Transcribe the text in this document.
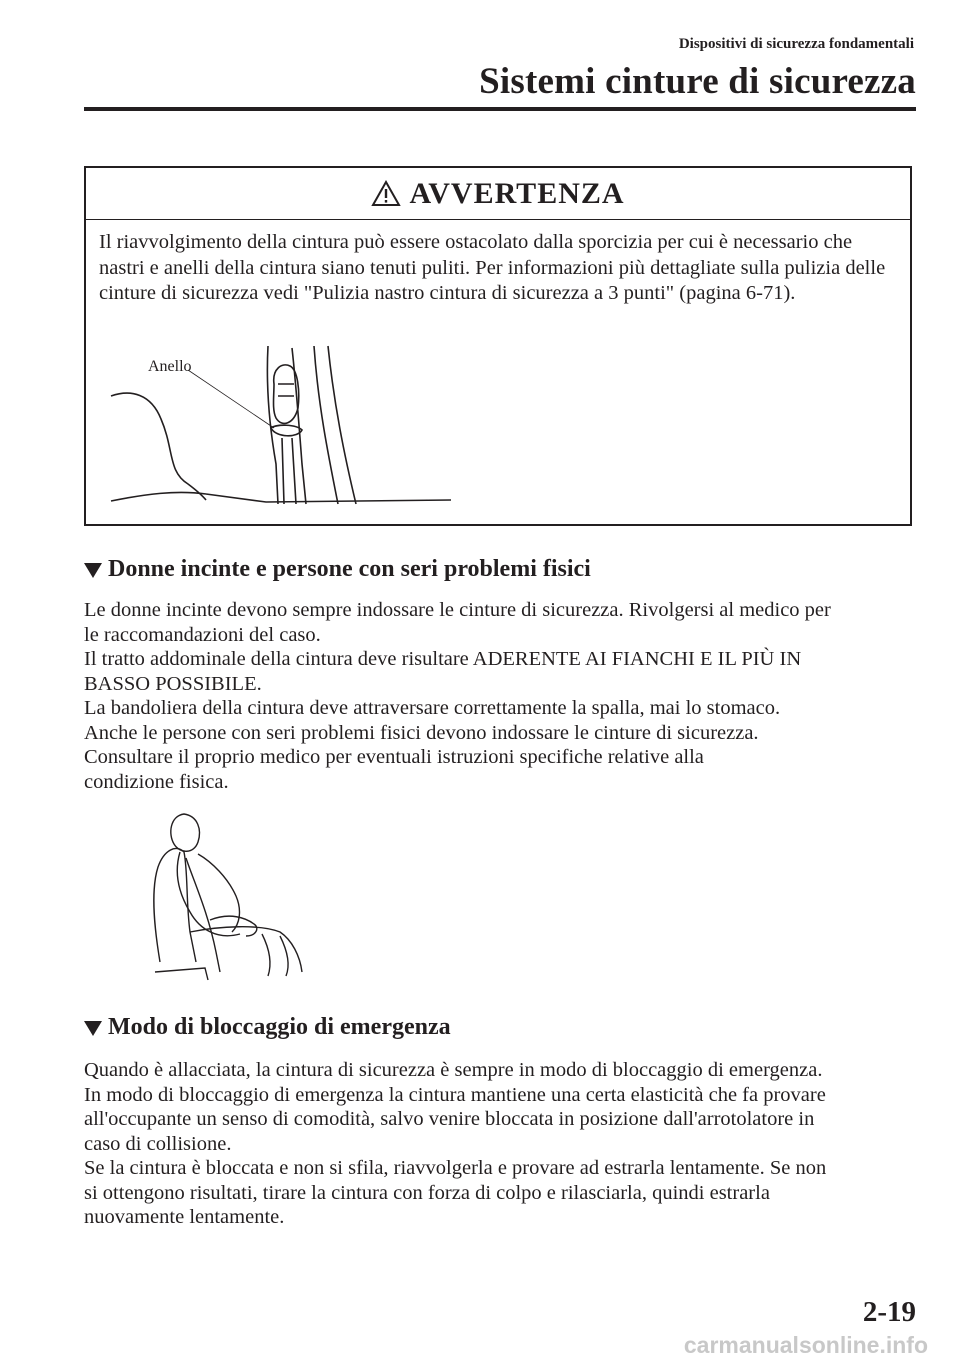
Dispositivi di sicurezza fondamentali
Sistemi cinture di sicurezza
AVVERTENZA
Il riavvolgimento della cintura può essere ostacolato dalla sporcizia per cui è necessario che nastri e anelli della cintura siano tenuti puliti. Per informazioni più dettagliate sulla pulizia delle cinture di sicurezza vedi "Pulizia nastro cintura di sicurezza a 3 punti" (pagina 6-71).
Anello
Donne incinte e persone con seri problemi fisici
Le donne incinte devono sempre indossare le cinture di sicurezza. Rivolgersi al medico per
le raccomandazioni del caso.
Il tratto addominale della cintura deve risultare ADERENTE AI FIANCHI E IL PIÙ IN
BASSO POSSIBILE.
La bandoliera della cintura deve attraversare correttamente la spalla, mai lo stomaco.
Anche le persone con seri problemi fisici devono indossare le cinture di sicurezza.
Consultare il proprio medico per eventuali istruzioni specifiche relative alla
condizione fisica.
Modo di bloccaggio di emergenza
Quando è allacciata, la cintura di sicurezza è sempre in modo di bloccaggio di emergenza.
In modo di bloccaggio di emergenza la cintura mantiene una certa elasticità che fa provare
all'occupante un senso di comodità, salvo venire bloccata in posizione dall'arrotolatore in
caso di collisione.
Se la cintura è bloccata e non si sfila, riavvolgerla e provare ad estrarla lentamente. Se non
si ottengono risultati, tirare la cintura con forza di colpo e rilasciarla, quindi estrarla
nuovamente lentamente.
2-19
carmanualsonline.info
